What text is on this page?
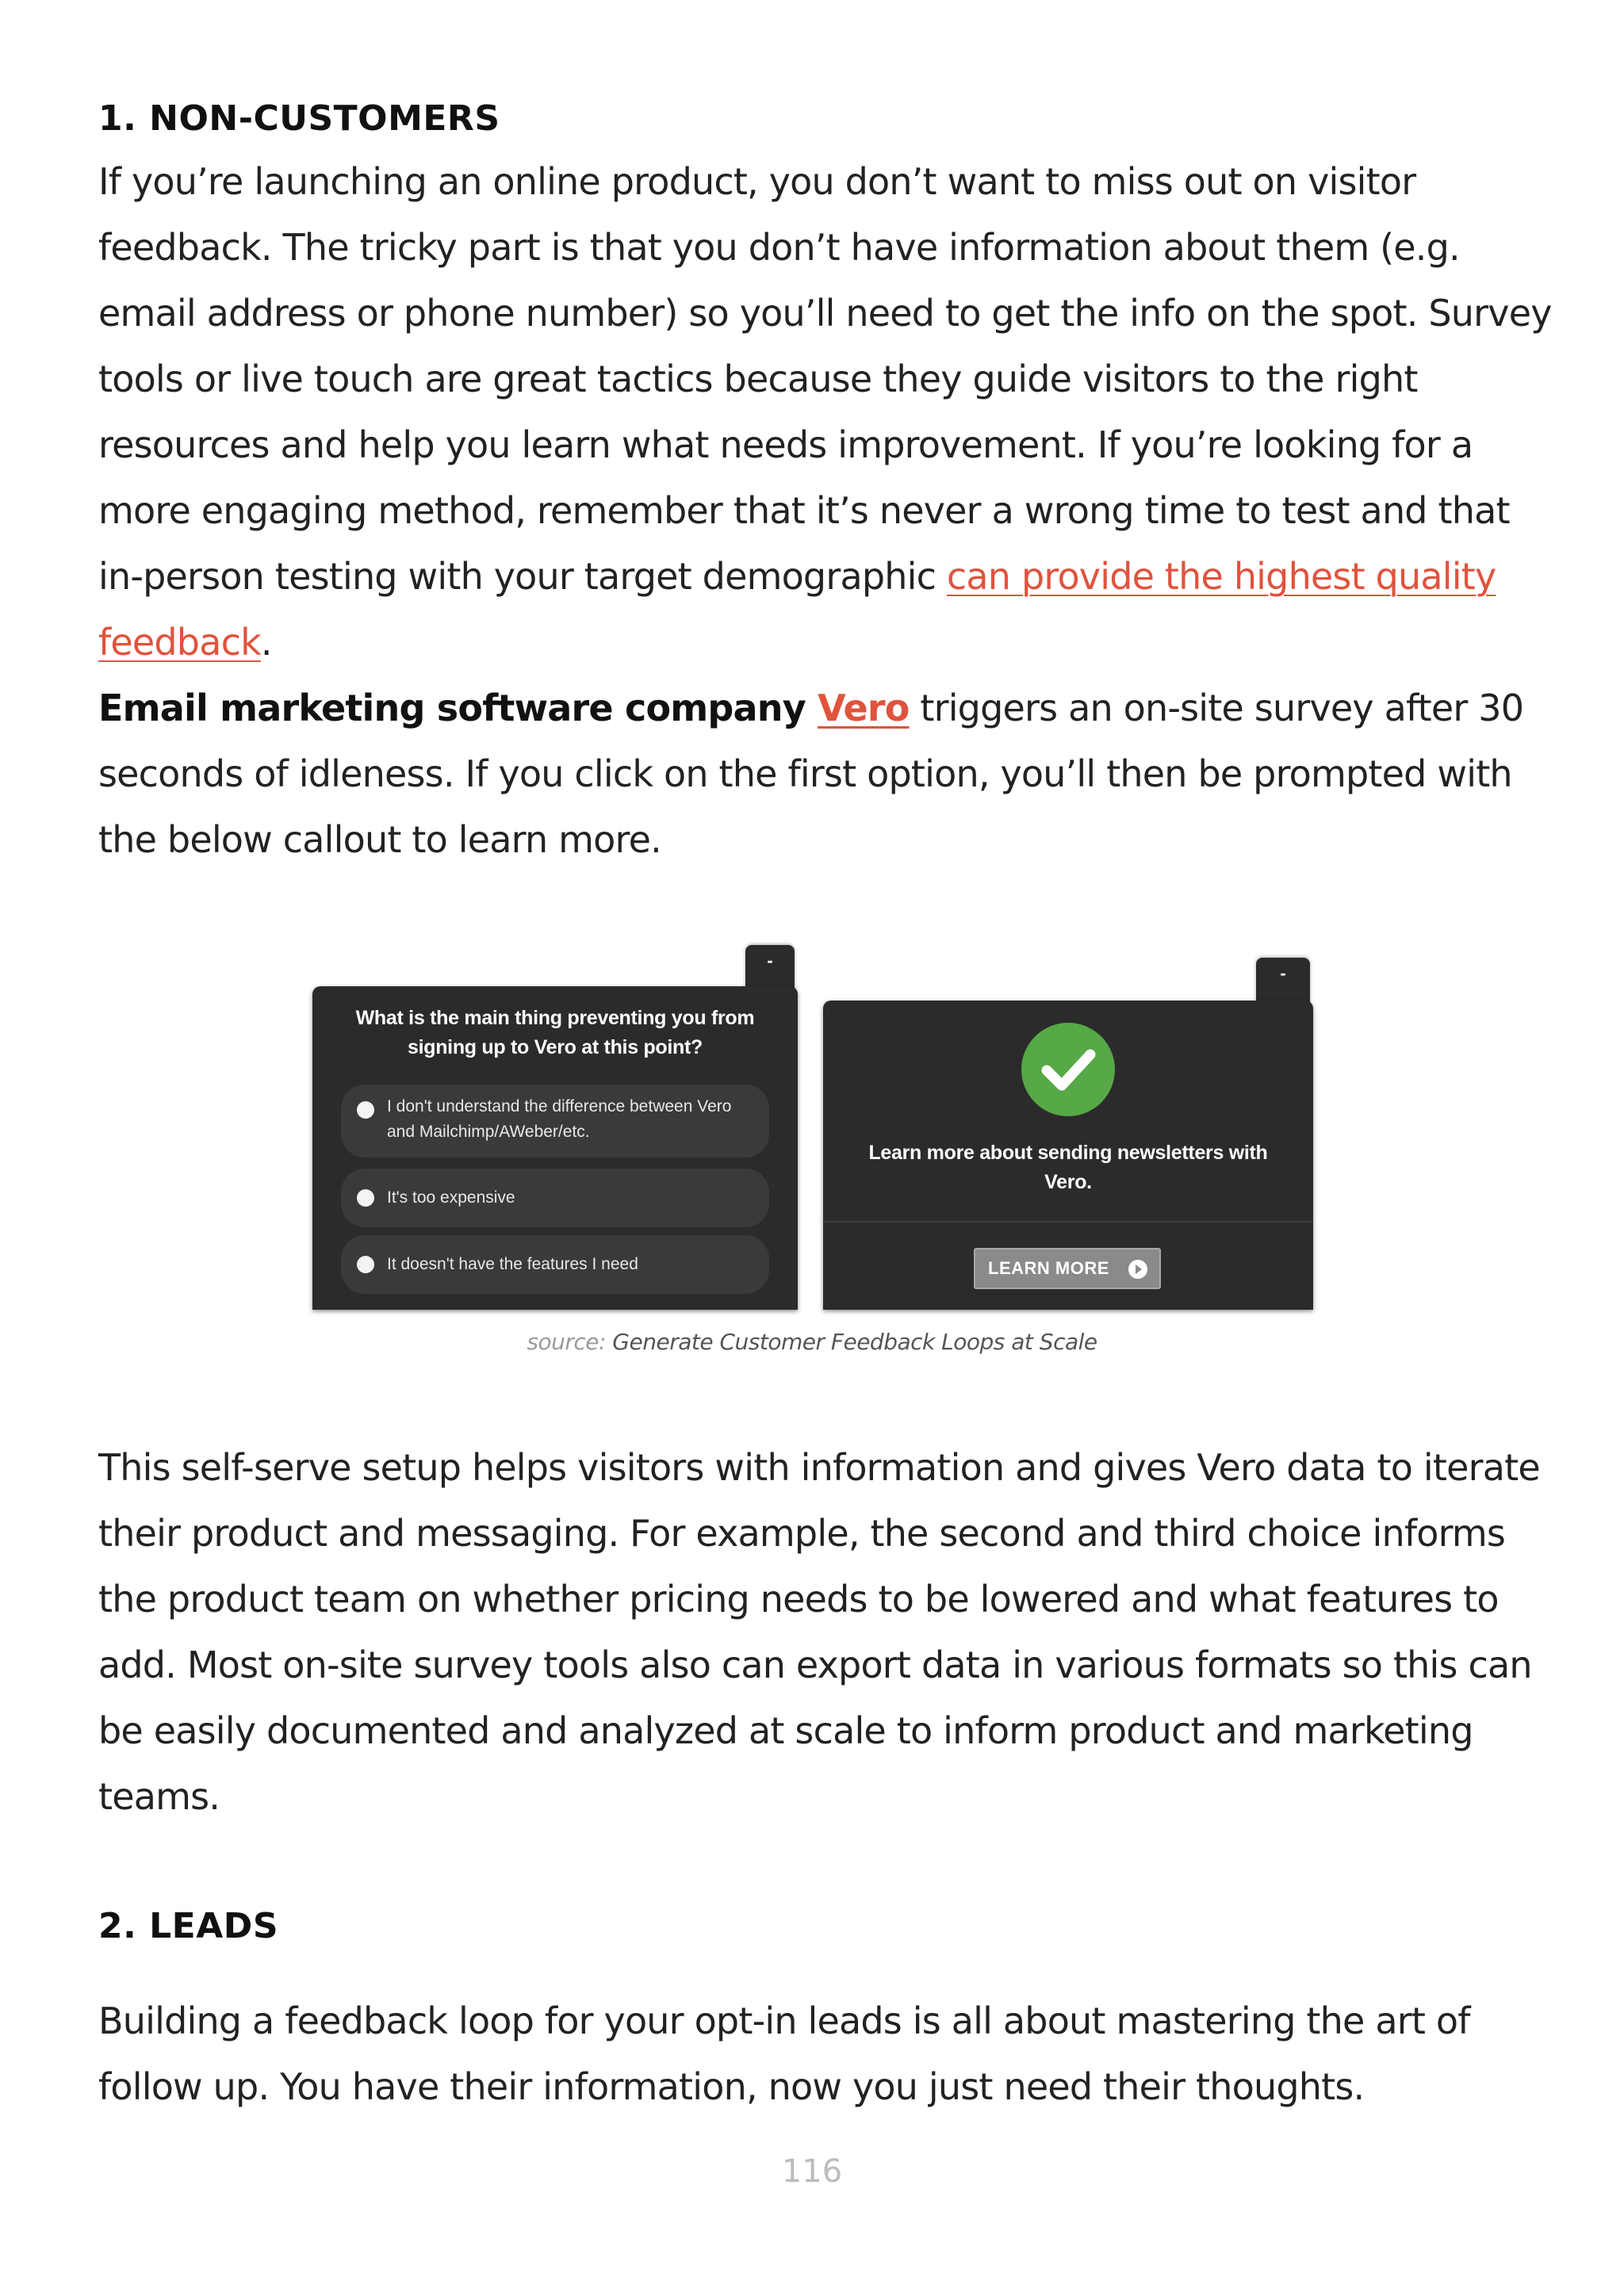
1. NON-CUSTOMERS

If you’re launching an online product, you don’t want to miss out on visitor feedback. The tricky part is that you don’t have information about them (e.g. email address or phone number) so you’ll need to get the info on the spot. Survey tools or live touch are great tactics because they guide visitors to the right resources and help you learn what needs improvement. If you’re looking for a more engaging method, remember that it’s never a wrong time to test and that in-person testing with your target demographic can provide the highest quality feedback.

Email marketing software company Vero triggers an on-site survey after 30 seconds of idleness. If you click on the first option, you’ll then be prompted with the below callout to learn more.

-
What is the main thing preventing you from signing up to Vero at this point?
I don't understand the difference between Vero and Mailchimp/AWeber/etc.
It's too expensive
It doesn't have the features I need
-
Learn more about sending newsletters with Vero.
LEARN MORE
source: Generate Customer Feedback Loops at Scale

This self-serve setup helps visitors with information and gives Vero data to iterate their product and messaging. For example, the second and third choice informs the product team on whether pricing needs to be lowered and what features to add. Most on-site survey tools also can export data in various formats so this can be easily documented and analyzed at scale to inform product and marketing teams.

2. LEADS

Building a feedback loop for your opt-in leads is all about mastering the art of follow up. You have their information, now you just need their thoughts.

116
